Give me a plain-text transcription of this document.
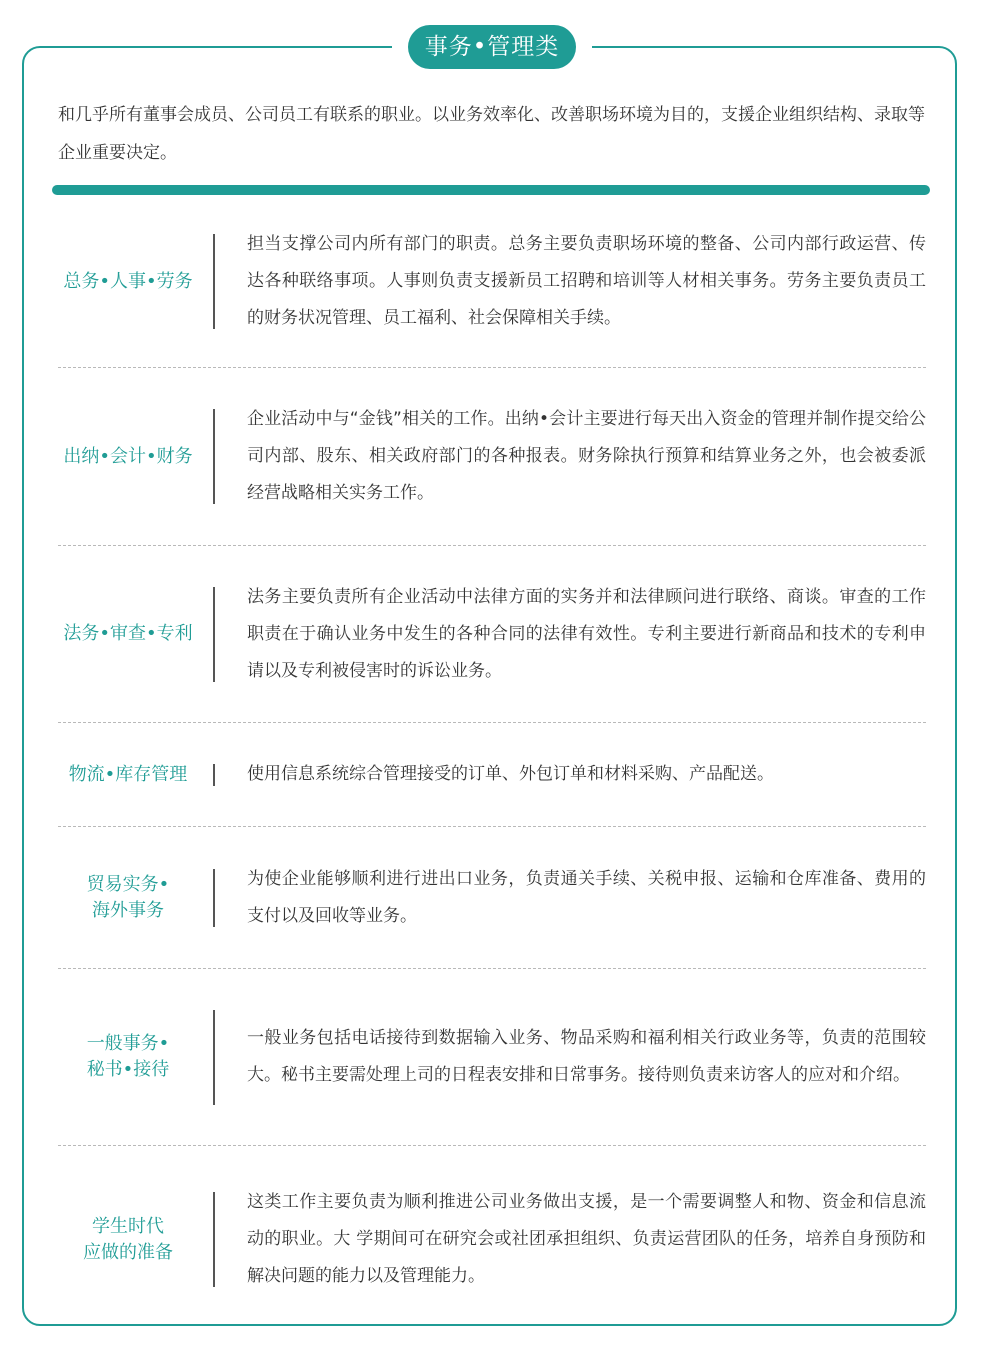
事务•管理类
和几乎所有董事会成员、公司员工有联系的职业。以业务效率化、改善职场环境为目的，支援企业组织结构、录取等企业重要决定。
总务•人事•劳务
担当支撑公司内所有部门的职责。总务主要负责职场环境的整备、公司内部行政运营、传达各种联络事项。人事则负责支援新员工招聘和培训等人材相关事务。劳务主要负责员工的财务状况管理、员工福利、社会保障相关手续。
出纳•会计•财务
企业活动中与“金钱”相关的工作。出纳•会计主要进行每天出入资金的管理并制作提交给公司内部、股东、相关政府部门的各种报表。财务除执行预算和结算业务之外，也会被委派经营战略相关实务工作。
法务•审查•专利
法务主要负责所有企业活动中法律方面的实务并和法律顾问进行联络、商谈。审查的工作职责在于确认业务中发生的各种合同的法律有效性。专利主要进行新商品和技术的专利申请以及专利被侵害时的诉讼业务。
物流•库存管理	使用信息系统综合管理接受的订单、外包订单和材料采购、产品配送。
贸易实务•
海外事务
为使企业能够顺利进行进出口业务，负责通关手续、关税申报、运输和仓库准备、费用的支付以及回收等业务。
一般事务•
秘书•接待
一般业务包括电话接待到数据输入业务、物品采购和福利相关行政业务等，负责的范围较大。秘书主要需处理上司的日程表安排和日常事务。接待则负责来访客人的应对和介绍。
学生时代
应做的准备
这类工作主要负责为顺利推进公司业务做出支援，是一个需要调整人和物、资金和信息流动的职业。大 学期间可在研究会或社团承担组织、负责运营团队的任务，培养自身预防和解决问题的能力以及管理能力。
